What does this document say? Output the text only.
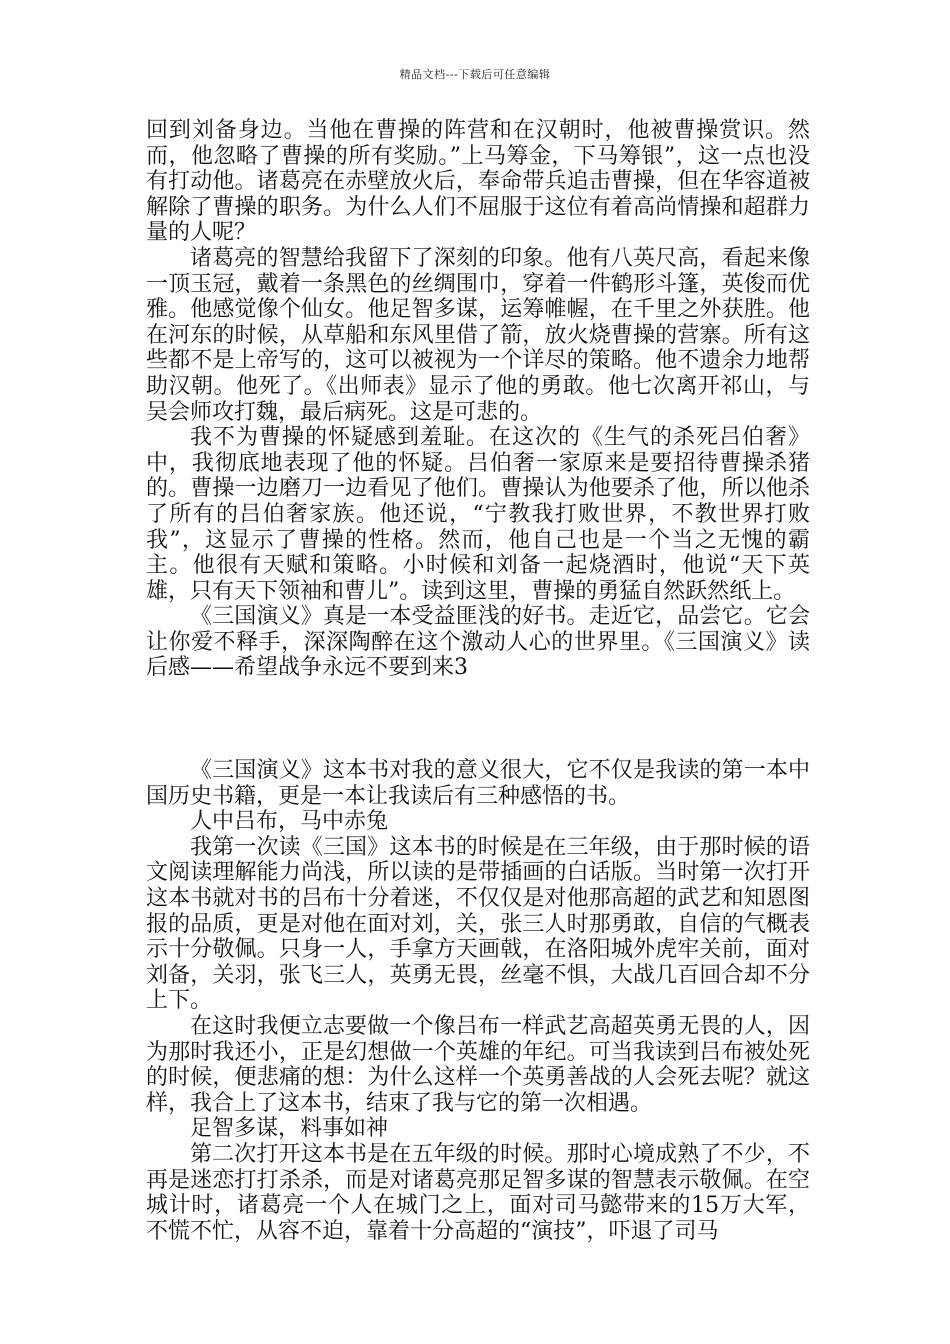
精品文档---下载后可任意编辑

回到刘备身边。当他在曹操的阵营和在汉朝时，他被曹操赏识。然而，他忽略了曹操的所有奖励。”上马筹金，下马筹银”，这一点也没有打动他。诸葛亮在赤壁放火后，奉命带兵追击曹操，但在华容道被解除了曹操的职务。为什么人们不屈服于这位有着高尚情操和超群力量的人呢？

诸葛亮的智慧给我留下了深刻的印象。他有八英尺高，看起来像一顶玉冠，戴着一条黑色的丝绸围巾，穿着一件鹤形斗篷，英俊而优雅。他感觉像个仙女。他足智多谋，运筹帷幄，在千里之外获胜。他在河东的时候，从草船和东风里借了箭，放火烧曹操的营寨。所有这些都不是上帝写的，这可以被视为一个详尽的策略。他不遗余力地帮助汉朝。他死了。《出师表》显示了他的勇敢。他七次离开祁山，与吴会师攻打魏，最后病死。这是可悲的。

我不为曹操的怀疑感到羞耻。在这次的《生气的杀死吕伯奢》中，我彻底地表现了他的怀疑。吕伯奢一家原来是要招待曹操杀猪的。曹操一边磨刀一边看见了他们。曹操认为他要杀了他，所以他杀了所有的吕伯奢家族。他还说，“宁教我打败世界，不教世界打败我”，这显示了曹操的性格。然而，他自己也是一个当之无愧的霸主。他很有天赋和策略。小时候和刘备一起烧酒时，他说“天下英雄，只有天下领袖和曹儿”。读到这里，曹操的勇猛自然跃然纸上。

《三国演义》真是一本受益匪浅的好书。走近它，品尝它。它会让你爱不释手，深深陶醉在这个激动人心的世界里。《三国演义》读后感——希望战争永远不要到来3

《三国演义》这本书对我的意义很大，它不仅是我读的第一本中国历史书籍，更是一本让我读后有三种感悟的书。

人中吕布，马中赤兔

我第一次读《三国》这本书的时候是在三年级，由于那时候的语文阅读理解能力尚浅，所以读的是带插画的白话版。当时第一次打开这本书就对书的吕布十分着迷，不仅仅是对他那高超的武艺和知恩图报的品质，更是对他在面对刘，关，张三人时那勇敢，自信的气概表示十分敬佩。只身一人，手拿方天画戟，在洛阳城外虎牢关前，面对刘备，关羽，张飞三人，英勇无畏，丝毫不惧，大战几百回合却不分上下。

在这时我便立志要做一个像吕布一样武艺高超英勇无畏的人，因为那时我还小，正是幻想做一个英雄的年纪。可当我读到吕布被处死的时候，便悲痛的想：为什么这样一个英勇善战的人会死去呢？就这样，我合上了这本书，结束了我与它的第一次相遇。

足智多谋，料事如神

第二次打开这本书是在五年级的时候。那时心境成熟了不少，不再是迷恋打打杀杀，而是对诸葛亮那足智多谋的智慧表示敬佩。在空城计时，诸葛亮一个人在城门之上，面对司马懿带来的15万大军，不慌不忙，从容不迫，靠着十分高超的“演技”，吓退了司马
